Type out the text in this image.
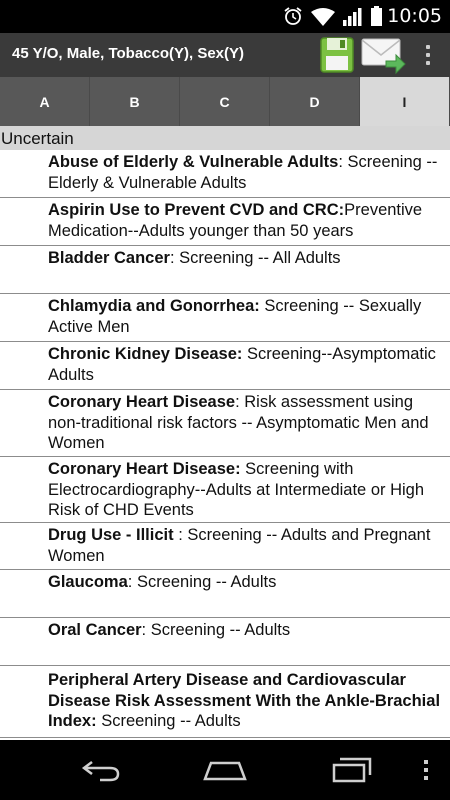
10:05
45 Y/O, Male, Tobacco(Y), Sex(Y)
A	B	C	D	I
Uncertain
Abuse of Elderly & Vulnerable Adults: Screening -- Elderly & Vulnerable Adults
Aspirin Use to Prevent CVD and CRC:Preventive Medication--Adults younger than 50 years
Bladder Cancer: Screening -- All Adults
Chlamydia and Gonorrhea: Screening -- Sexually Active Men
Chronic Kidney Disease: Screening--Asymptomatic Adults
Coronary Heart Disease: Risk assessment using non-traditional risk factors -- Asymptomatic Men and Women
Coronary Heart Disease: Screening with Electrocardiography--Adults at Intermediate or High Risk of CHD Events
Drug Use - Illicit : Screening -- Adults and Pregnant Women
Glaucoma: Screening -- Adults
Oral Cancer: Screening -- Adults
Peripheral Artery Disease and Cardiovascular Disease Risk Assessment With the Ankle-Brachial Index: Screening -- Adults
